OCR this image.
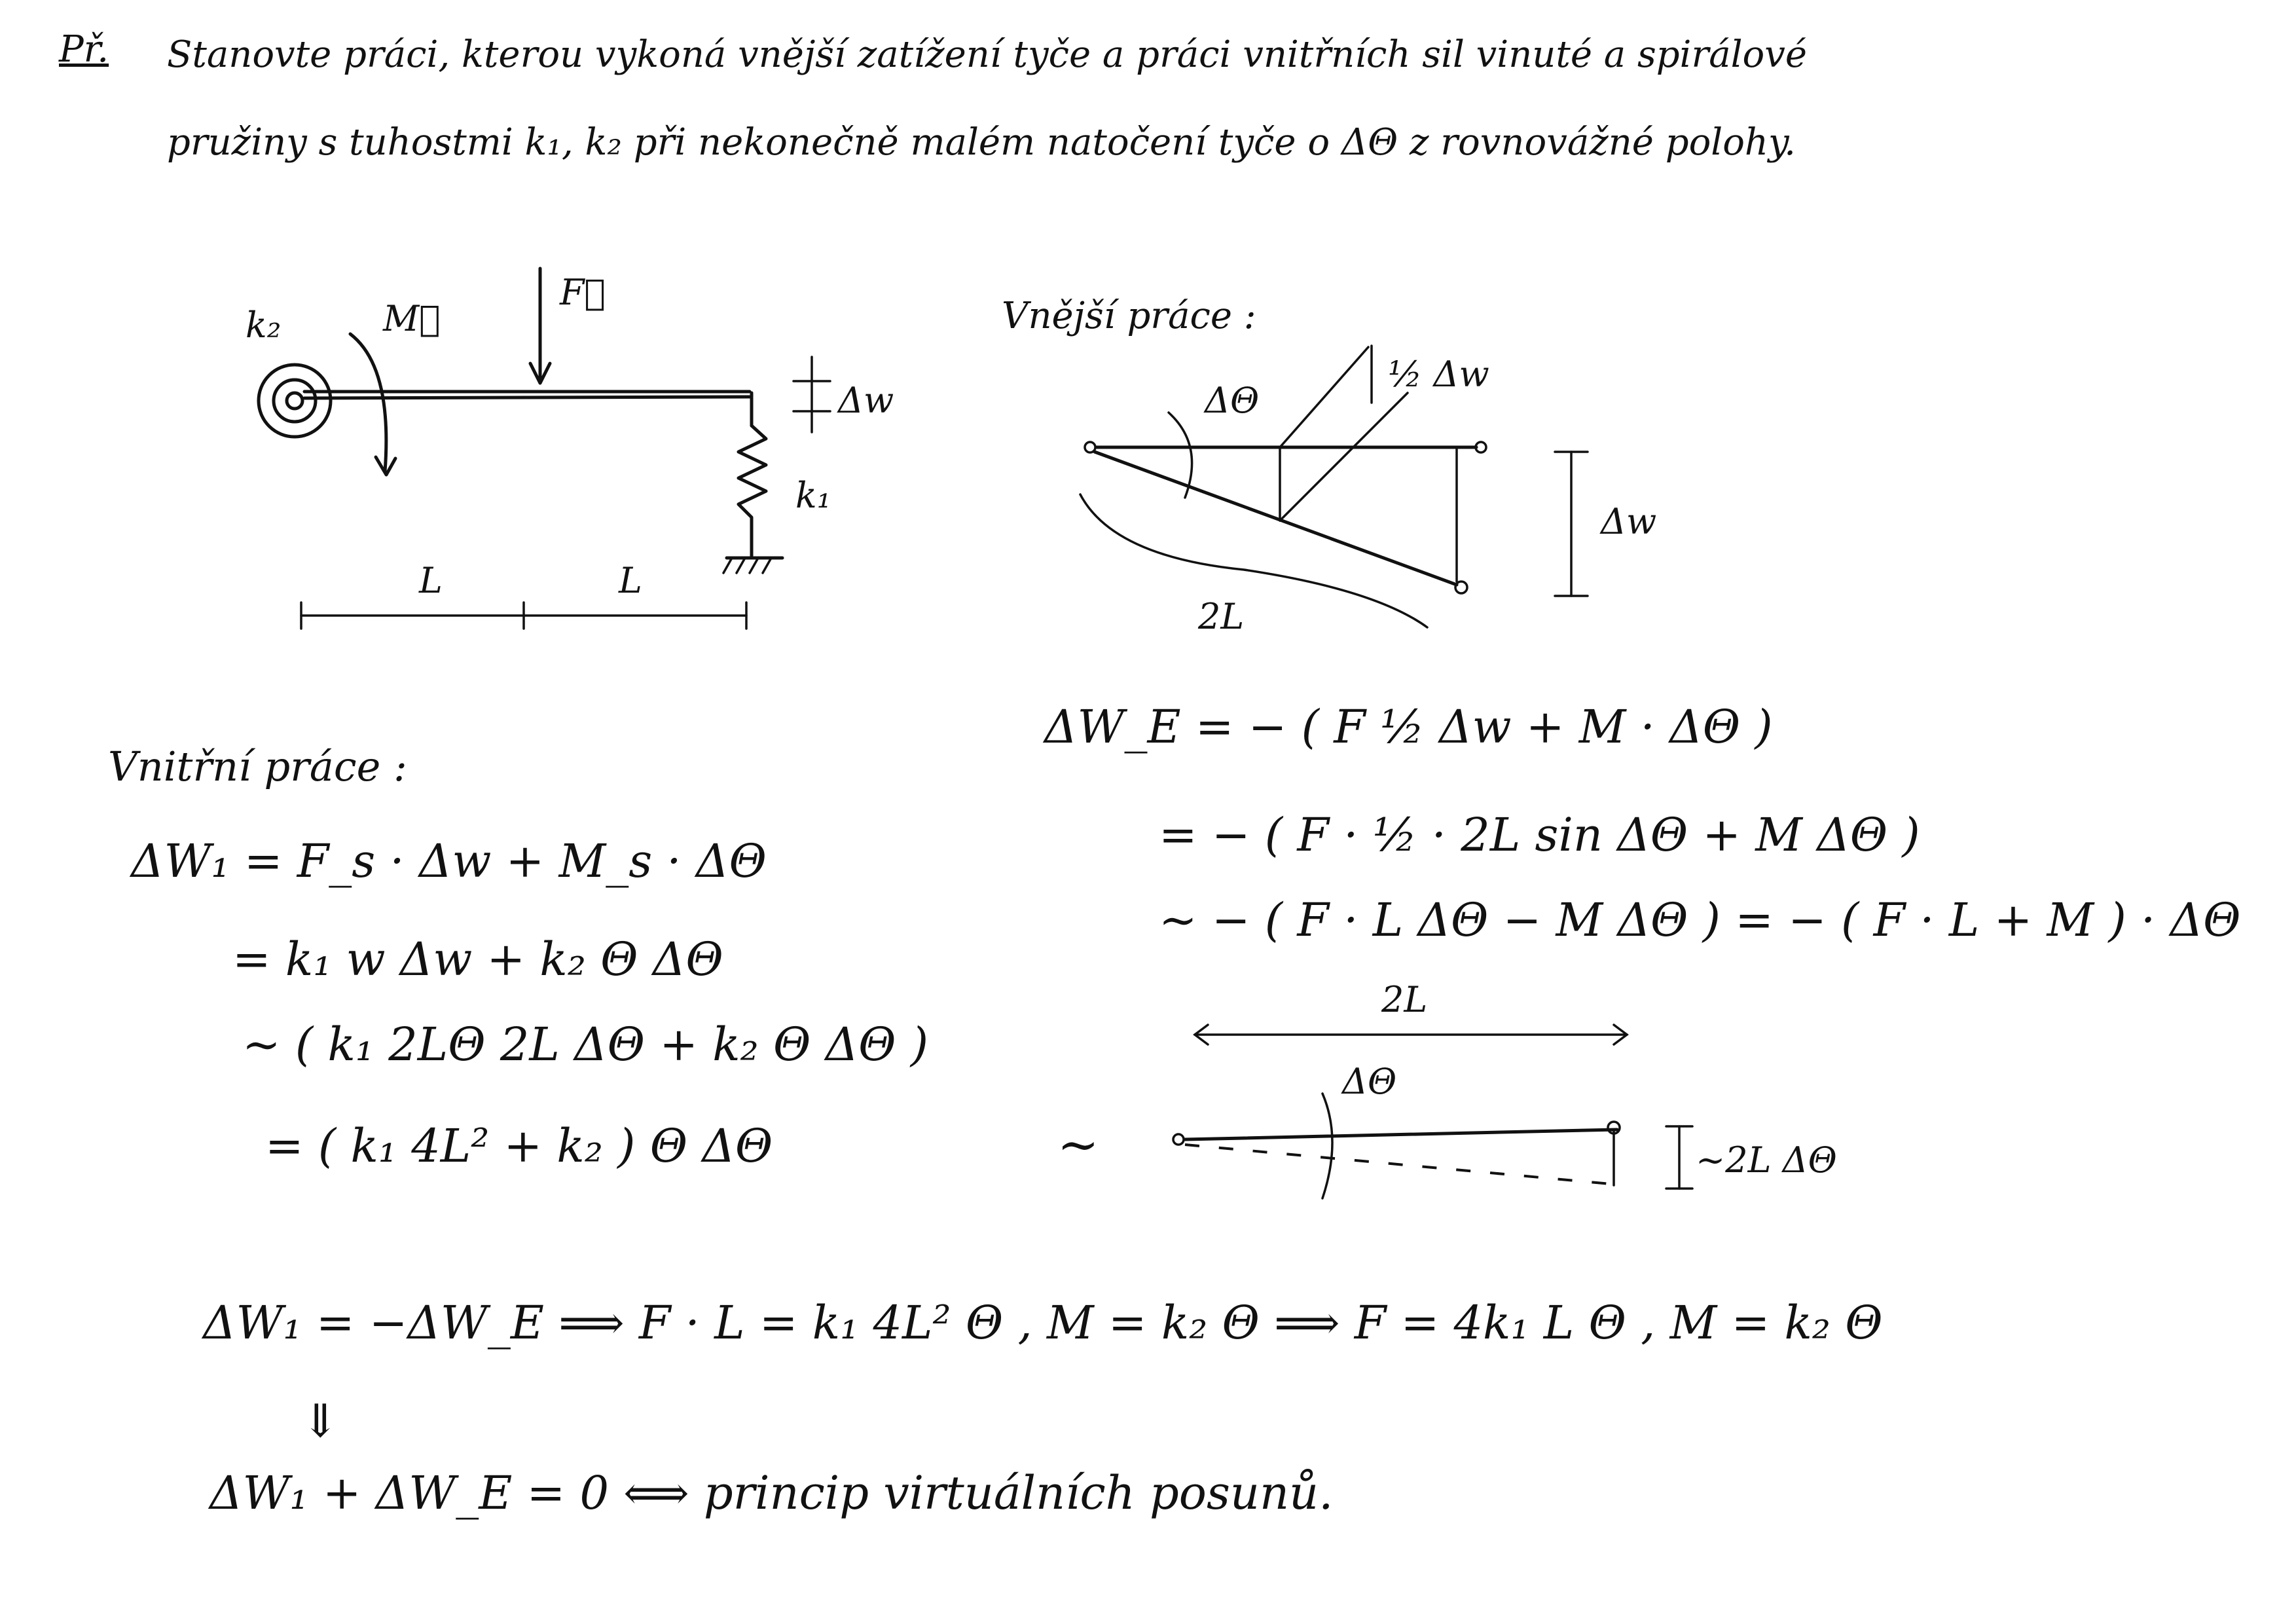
Př. Stanovte práci, kterou vykoná vnější zatížení tyče a práci vnitřních sil vinuté a spirálové
pružiny s tuhostmi k₁, k₂ při nekonečně malém natočení tyče o ΔΘ z rovnovážné polohy.
k₂	M⃗
F⃗
Δw
k₁
L	L
Vnější práce :
ΔΘ
½ Δw
Δw
2L
Vnitřní práce :
ΔW₁ = F_s · Δw + M_s · ΔΘ
= k₁ w Δw + k₂ Θ ΔΘ
∼ ( k₁ 2LΘ 2L ΔΘ + k₂ Θ ΔΘ )
= ( k₁ 4L² + k₂ ) Θ ΔΘ
ΔW_E = − ( F ½ Δw + M · ΔΘ )
= − ( F · ½ · 2L sin ΔΘ + M ΔΘ )
∼ − ( F · L ΔΘ − M ΔΘ ) = − ( F · L + M ) · ΔΘ
∼
2L
ΔΘ
∼2L ΔΘ
ΔW₁ = −ΔW_E ⟹ F · L = k₁ 4L² Θ , M = k₂ Θ ⟹ F = 4k₁ L Θ , M = k₂ Θ
⇓
ΔW₁ + ΔW_E = 0 ⟺ princip virtuálních posunů.
